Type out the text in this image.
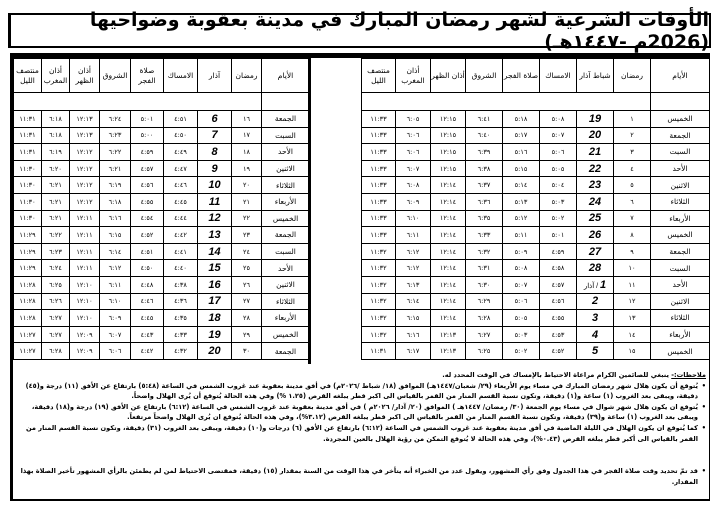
الأوقات الشرعية لشهر رمضان المبارك في مدينة بعقوبة وضواحيها (2026م -١٤٤٧هـ)
الأيام	رمضان	شباط آذار	الامساك	صلاة الفجر	الشروق	أذان الظهر	أذان المغرب	منتصف الليل

الخميس	١	19	٥:٠٨	٥:١٨	٦:٤١	١٢:١٥	٦:٠٥	١١:٣٣
الجمعة	٢	20	٥:٠٧	٥:١٧	٦:٤٠	١٢:١٥	٦:٠٦	١١:٣٣
السبت	٣	21	٥:٠٦	٥:١٦	٦:٣٩	١٢:١٥	٦:٠٦	١١:٣٣
الأحد	٤	22	٥:٠٥	٥:١٥	٦:٣٨	١٢:١٥	٦:٠٧	١١:٣٣
الاثنين	٥	23	٥:٠٤	٥:١٤	٦:٣٧	١٢:١٤	٦:٠٨	١١:٣٣
الثلاثاء	٦	24	٥:٠٣	٥:١٣	٦:٣٦	١٢:١٤	٦:٠٩	١١:٣٣
الأربعاء	٧	25	٥:٠٢	٥:١٢	٦:٣٥	١٢:١٤	٦:١٠	١١:٣٣
الخميس	٨	26	٥:٠١	٥:١١	٦:٣٣	١٢:١٤	٦:١١	١١:٣٣
الجمعة	٩	27	٤:٥٩	٥:٠٩	٦:٣٢	١٢:١٤	٦:١٢	١١:٣٢
السبت	١٠	28	٤:٥٨	٥:٠٨	٦:٣١	١٢:١٤	٦:١٢	١١:٣٢
الأحد	١١	1 / آذار	٤:٥٧	٥:٠٧	٦:٣٠	١٢:١٤	٦:١٣	١١:٣٢
الاثنين	١٢	2	٤:٥٦	٥:٠٦	٦:٢٩	١٢:١٤	٦:١٤	١١:٣٢
الثلاثاء	١٣	3	٤:٥٥	٥:٠٥	٦:٢٨	١٢:١٤	٦:١٥	١١:٣٢
الأربعاء	١٤	4	٤:٥٣	٥:٠٣	٦:٢٧	١٢:١٣	٦:١٦	١١:٣٢
الخميس	١٥	5	٤:٥٢	٥:٠٢	٦:٢٥	١٢:١٣	٦:١٧	١١:٣١
الأيام	رمضان	آذار	الامساك	صلاة الفجر	الشروق	أذان الظهر	أذان المغرب	منتصف الليل

الجمعة	١٦	6	٤:٥١	٥:٠١	٦:٢٤	١٢:١٣	٦:١٨	١١:٣١
السبت	١٧	7	٤:٥٠	٥:٠٠	٦:٢٣	١٢:١٣	٦:١٨	١١:٣١
الأحد	١٨	8	٤:٤٩	٤:٥٩	٦:٢٢	١٢:١٢	٦:١٩	١١:٣١
الاثنين	١٩	9	٤:٤٧	٤:٥٧	٦:٢١	١٢:١٢	٦:٢٠	١١:٣٠
الثلاثاء	٢٠	10	٤:٤٦	٤:٥٦	٦:١٩	١٢:١٢	٦:٢١	١١:٣٠
الأربعاء	٢١	11	٤:٤٥	٤:٥٥	٦:١٨	١٢:١٢	٦:٢١	١١:٣٠
الخميس	٢٢	12	٤:٤٤	٤:٥٤	٦:١٦	١٢:١١	٦:٢١	١١:٣٠
الجمعة	٢٣	13	٤:٤٢	٤:٥٢	٦:١٥	١٢:١١	٦:٢٢	١١:٢٩
السبت	٢٤	14	٤:٤١	٤:٥١	٦:١٤	١٢:١١	٦:٢٣	١١:٢٩
الأحد	٢٥	15	٤:٤٠	٤:٥٠	٦:١٢	١٢:١١	٦:٢٤	١١:٢٩
الاثنين	٢٦	16	٤:٣٨	٤:٤٨	٦:١١	١٢:١٠	٦:٢٥	١١:٢٨
الثلاثاء	٢٧	17	٤:٣٦	٤:٤٦	٦:١٠	١٢:١٠	٦:٢٦	١١:٢٨
الأربعاء	٢٨	18	٤:٣٥	٤:٤٥	٦:٠٩	١٢:١٠	٦:٢٧	١١:٢٨
الخميس	٢٩	19	٤:٣٣	٤:٤٣	٦:٠٧	١٢:٠٩	٦:٢٧	١١:٢٧
الجمعة	٣٠	20	٤:٣٢	٤:٤٢	٦:٠٦	١٢:٠٩	٦:٢٨	١١:٢٧
ملاحظات:- ينبغي للصائمين الكرام مراعاة الاحتياط بالإمساك في الوقت المحدد له.
• يُتوقع أن يكون هلال شهر رمضان المبارك في مساء يوم الأربعاء (٢٩/ شعبان/١٤٤٧هـ) الموافق (١٨/ شباط /٢٠٢٦م) في أفق مدينة بعقوبة عند غروب الشمس في الساعة (٥:٤٨) بارتفاع عن الأفق (١١) درجة و(٤٥) دقيقة، ويبقى بعد الغروب (١) ساعة و(١) دقيقة، وتكون نسبة القسم المنار من القمر بالقياس الى اكبر قطر يبلغه القرص (١.٢٥ %) وفي هذه الحالة يُتوقع أن يُرى الهلال واضحاً.
• يُتوقع ان يكون هلال شهر شوال في مساء يوم الجمعة (٣٠/ رمضان/ ١٤٤٧هـ ) الموافق (٢٠/ آذار/ ٢٠٢٦م ) في أفق مدينة بعقوبة عند غروب الشمس في الساعة (٦:١٢) بارتفاع عن الأفق (١٩) درجة و(١٨) دقيقة، ويبقى بعد الغروب (١) ساعة و(٣٩) دقيقة، وتكون نسبة القسم المنار من القمر بالقياس الى اكبر قطر يبلغه القرص (٣.١٢%)، وفي هذه الحالة يُتوقع ان يُرى الهلال واضحاً مرتفعاً.
• كما يُتوقع ان يكون الهلال في الليلة الماضية في أفق مدينة بعقوبة عند غروب الشمس في الساعة (٦:١٢) بارتفاع عن الأفق (٦) درجات و(١٠) دقيقة، ويبقى بعد الغروب (٣١) دقيقة، وتكون نسبة القسم المنار من القمر بالقياس الى أكبر قطر يبلغه القرص (٠.٤٣%)، وفي هذه الحالة لا يُتوقع التمكن من رؤية الهلال بالعين المجردة.
• قد تمّ تحديد وقت صلاة الفجر في هذا الجدول وفق رأي المشهور، ويقول عدد من الخبراء أنه يتأخر في هذا الوقت من السنة بمقدار (١٥) دقيقة، فمقتضى الاحتياط لمن لم يطمئن بالرأي المشهور تأخير الصلاة بهذا المقدار.
